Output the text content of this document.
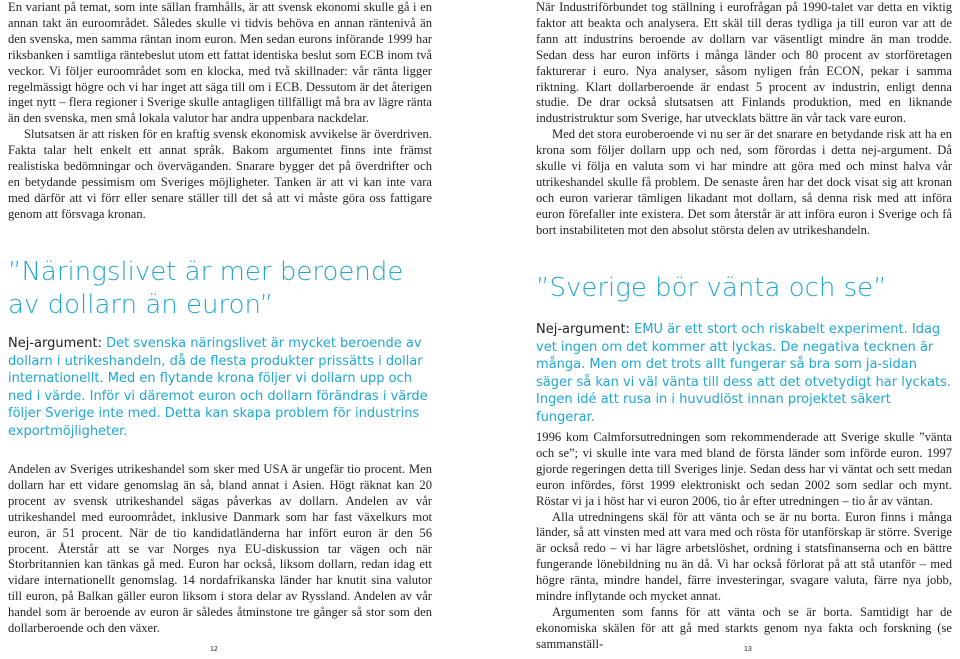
En variant på temat, som inte sällan framhålls, är att svensk ekonomi skulle gå i en annan takt än euroområdet. Således skulle vi tidvis behöva en annan räntenivå än den svenska, men samma räntan inom euron. Men sedan eurons införande 1999 har riksbanken i samtliga räntebeslut utom ett fattat identiska beslut som ECB inom två veckor. Vi följer euroområdet som en klocka, med två skillnader: vår ränta ligger regelmässigt högre och vi har inget att säga till om i ECB. Dessutom är det återigen inget nytt – flera regioner i Sverige skulle antagligen tillfälligt må bra av lägre ränta än den svenska, men små lokala valutor har andra uppenbara nackdelar.

Slutsatsen är att risken för en kraftig svensk ekonomisk avvikelse är överdriven. Fakta talar helt enkelt ett annat språk. Bakom argumentet finns inte främst realistiska bedömningar och överväganden. Snarare bygger det på överdrifter och en betydande pessimism om Sveriges möjligheter. Tanken är att vi kan inte vara med därför att vi förr eller senare ställer till det så att vi måste göra oss fattigare genom att försvaga kronan.

”Näringslivet är mer beroende
av dollarn än euron”

Nej-argument: Det svenska näringslivet är mycket beroende av dollarn i utrikeshandeln, då de flesta produkter prissätts i dollar internationellt. Med en flytande krona följer vi dollarn upp och ned i värde. Inför vi däremot euron och dollarn förändras i värde följer Sverige inte med. Detta kan skapa problem för industrins exportmöjligheter.

Andelen av Sveriges utrikeshandel som sker med USA är ungefär tio procent. Men dollarn har ett vidare genomslag än så, bland annat i Asien. Högt räknat kan 20 procent av svensk utrikeshandel sägas påverkas av dollarn. Andelen av vår utrikeshandel med euroområdet, inklusive Danmark som har fast växelkurs mot euron, är 51 procent. När de tio kandidatländerna har infört euron är den 56 procent. Återstår att se var Norges nya EU-diskussion tar vägen och när Storbritannien kan tänkas gå med. Euron har också, liksom dollarn, redan idag ett vidare internationellt genomslag. 14 nordafrikanska länder har knutit sina valutor till euron, på Balkan gäller euron liksom i stora delar av Ryssland. Andelen av vår handel som är beroende av euron är således åtminstone tre gånger så stor som den dollarberoende och den växer.

12

När Industriförbundet tog ställning i eurofrågan på 1990-talet var detta en viktig faktor att beakta och analysera. Ett skäl till deras tydliga ja till euron var att de fann att industrins beroende av dollarn var väsentligt mindre än man trodde. Sedan dess har euron införts i många länder och 80 procent av storföretagen fakturerar i euro. Nya analyser, såsom nyligen från ECON, pekar i samma riktning. Klart dollarberoende är endast 5 procent av industrin, enligt denna studie. De drar också slutsatsen att Finlands produktion, med en liknande industristruktur som Sverige, har utvecklats bättre än vår tack vare euron.

Med det stora euroberoende vi nu ser är det snarare en betydande risk att ha en krona som följer dollarn upp och ned, som förordas i detta nej-argument. Då skulle vi följa en valuta som vi har mindre att göra med och minst halva vår utrikeshandel skulle få problem. De senaste åren har det dock visat sig att kronan och euron varierar tämligen likadant mot dollarn, så denna risk med att införa euron förefaller inte existera. Det som återstår är att införa euron i Sverige och få bort instabiliteten mot den absolut största delen av utrikeshandeln.

”Sverige bör vänta och se”

Nej-argument: EMU är ett stort och riskabelt experiment. Idag vet ingen om det kommer att lyckas. De negativa tecknen är många. Men om det trots allt fungerar så bra som ja-sidan säger så kan vi väl vänta till dess att det otvetydigt har lyckats. Ingen idé att rusa in i huvudlöst innan projektet säkert fungerar.

1996 kom Calmforsutredningen som rekommenderade att Sverige skulle ”vänta och se”; vi skulle inte vara med bland de första länder som införde euron. 1997 gjorde regeringen detta till Sveriges linje. Sedan dess har vi väntat och sett medan euron infördes, först 1999 elektroniskt och sedan 2002 som sedlar och mynt. Röstar vi ja i höst har vi euron 2006, tio år efter utredningen – tio år av väntan.

Alla utredningens skäl för att vänta och se är nu borta. Euron finns i många länder, så att vinsten med att vara med och rösta för utanförskap är större. Sverige är också redo – vi har lägre arbetslöshet, ordning i statsfinanserna och en bättre fungerande lönebildning nu än då. Vi har också förlorat på att stå utanför – med högre ränta, mindre handel, färre investeringar, svagare valuta, färre nya jobb, mindre inflytande och mycket annat.

Argumenten som fanns för att vänta och se är borta. Samtidigt har de ekonomiska skälen för att gå med starkts genom nya fakta och forskning (se sammanställ-	13
